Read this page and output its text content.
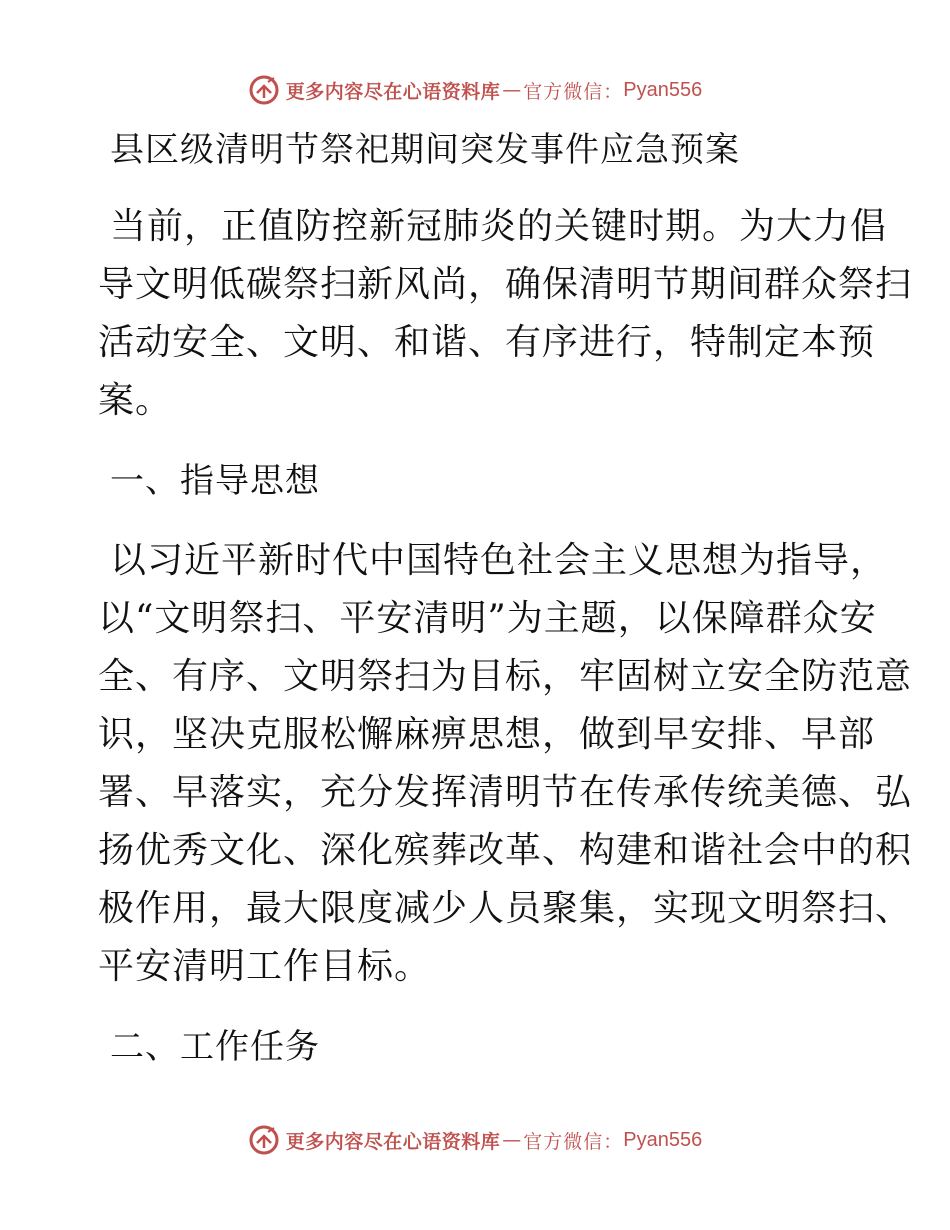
更多内容尽在心语资料库 — 官方微信： Pyan556
县区级清明节祭祀期间突发事件应急预案
当前，正值防控新冠肺炎的关键时期。为大力倡
导文明低碳祭扫新风尚，确保清明节期间群众祭扫
活动安全、文明、和谐、有序进行，特制定本预
案。
一、指导思想
以习近平新时代中国特色社会主义思想为指导，
以“文明祭扫、平安清明”为主题，以保障群众安
全、有序、文明祭扫为目标，牢固树立安全防范意
识，坚决克服松懈麻痹思想，做到早安排、早部
署、早落实，充分发挥清明节在传承传统美德、弘
扬优秀文化、深化殡葬改革、构建和谐社会中的积
极作用，最大限度减少人员聚集，实现文明祭扫、
平安清明工作目标。
二、工作任务
更多内容尽在心语资料库 — 官方微信： Pyan556
